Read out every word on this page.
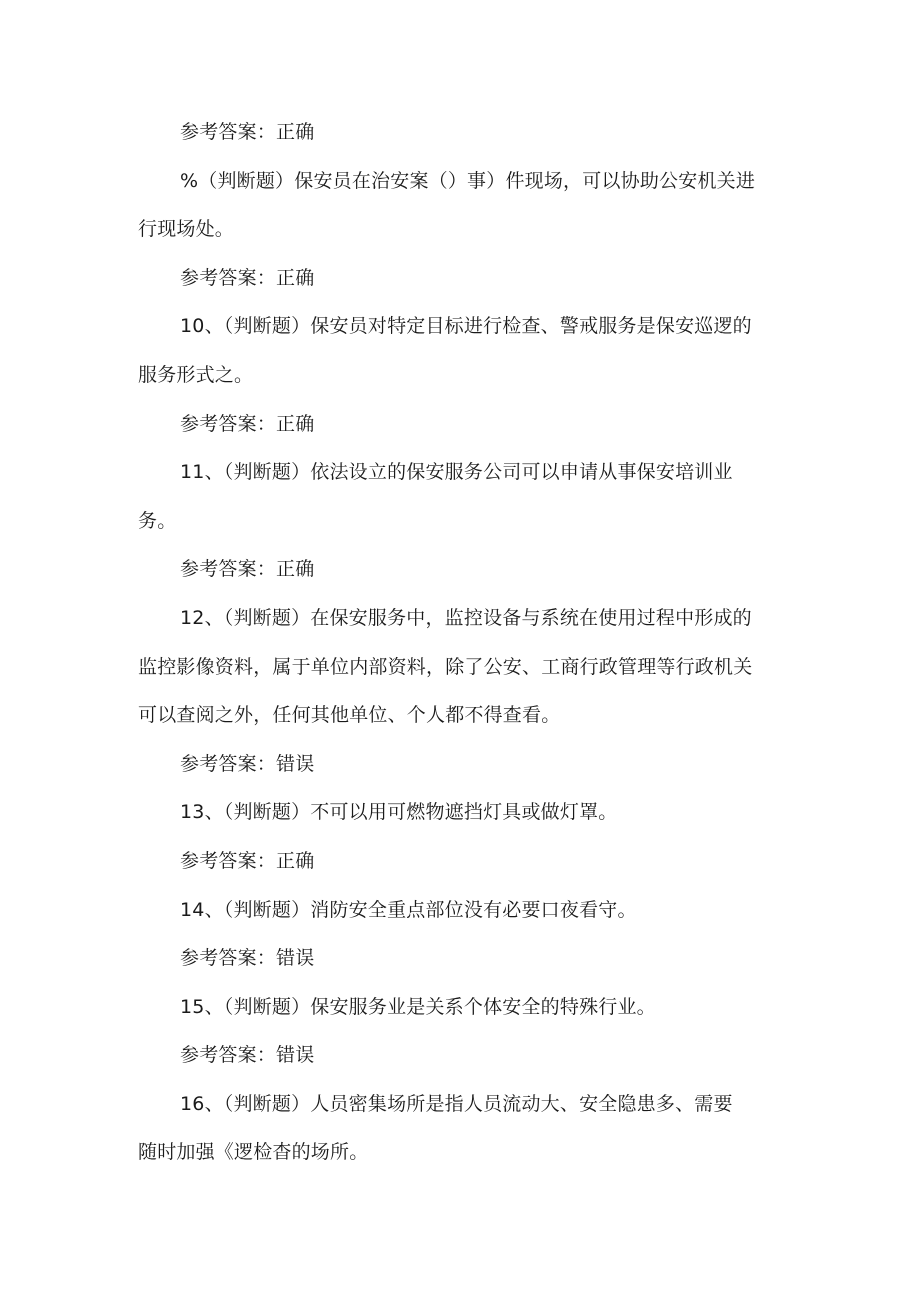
参考答案：正确
%（判断题）保安员在治安案（）事）件现场，可以协助公安机关进
行现场处。
参考答案：正确
10、（判断题）保安员对特定目标进行检查、警戒服务是保安巡逻的
服务形式之。
参考答案：正确
11、（判断题）依法设立的保安服务公司可以申请从事保安培训业
务。
参考答案：正确
12、（判断题）在保安服务中，监控设备与系统在使用过程中形成的
监控影像资料，属于单位内部资料，除了公安、工商行政管理等行政机关
可以查阅之外，任何其他单位、个人都不得查看。
参考答案：错误
13、（判断题）不可以用可燃物遮挡灯具或做灯罩。
参考答案：正确
14、（判断题）消防安全重点部位没有必要口夜看守。
参考答案：错误
15、（判断题）保安服务业是关系个体安全的特殊行业。
参考答案：错误
16、（判断题）人员密集场所是指人员流动大、安全隐患多、需要
随时加强《逻检杳的场所。
